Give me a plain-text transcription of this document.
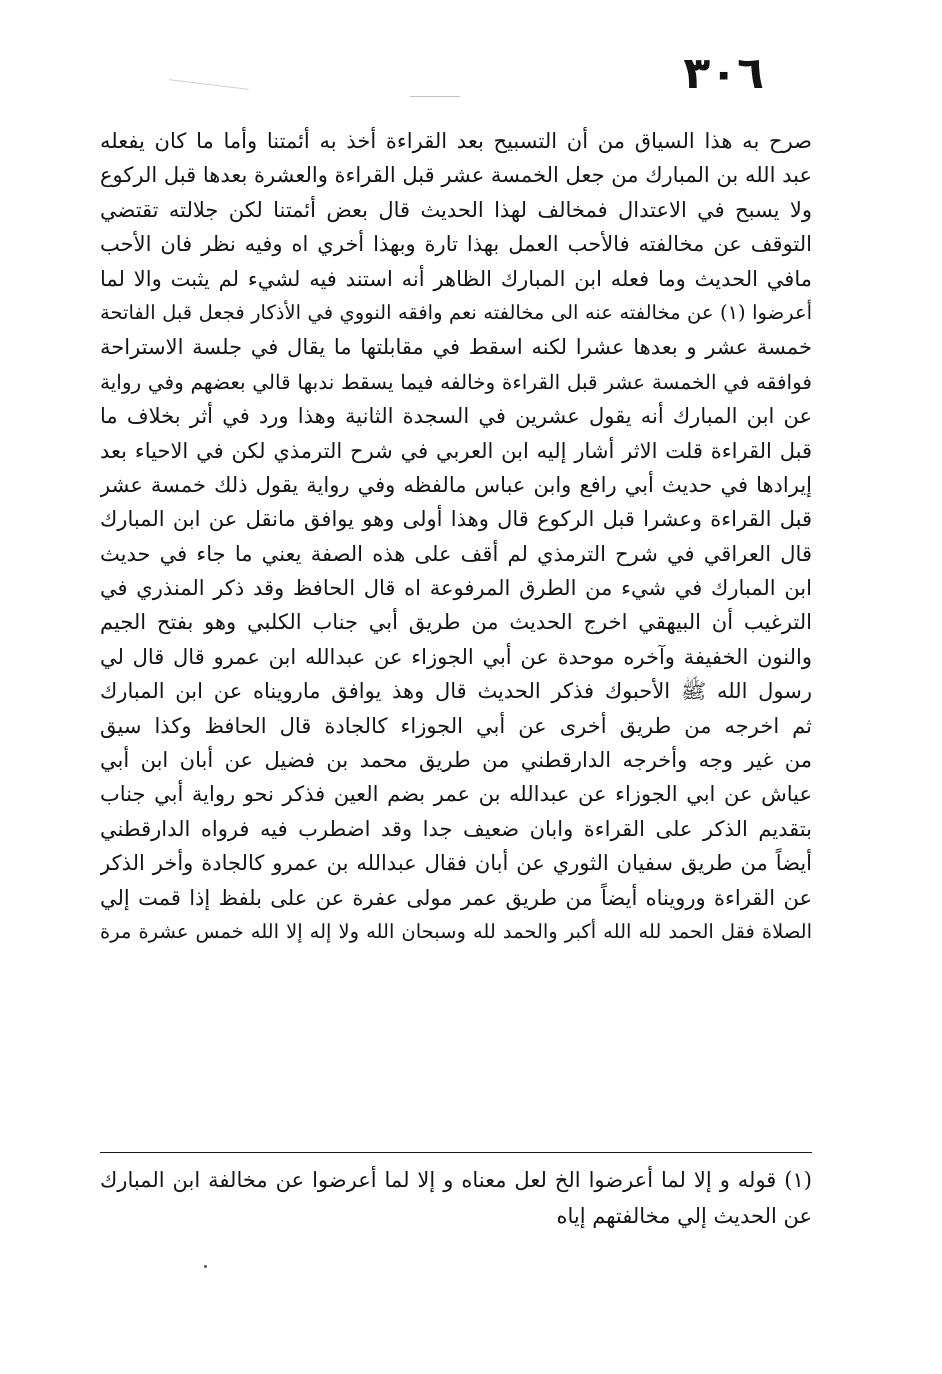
٣٠٦
صرح به هذا السياق من أن التسبيح بعد القراءة أخذ به أئمتنا وأما ما كان يفعله
عبد الله بن المبارك من جعل الخمسة عشر قبل القراءة والعشرة بعدها قبل الركوع
ولا يسبح في الاعتدال فمخالف لهذا الحديث قال بعض أئمتنا لكن جلالته تقتضي
التوقف عن مخالفته فالأحب العمل بهذا تارة وبهذا أخري اه وفيه نظر فان الأحب
مافي الحديث وما فعله ابن المبارك الظاهر أنه استند فيه لشيء لم يثبت والا لما
أعرضوا (١) عن مخالفته عنه الى مخالفته نعم وافقه النووي في الأذكار فجعل قبل الفاتحة
خمسة عشر و بعدها عشرا لكنه اسقط في مقابلتها ما يقال في جلسة الاستراحة
فوافقه في الخمسة عشر قبل القراءة وخالفه فيما يسقط ندبها قالي بعضهم وفي رواية
عن ابن المبارك أنه يقول عشرين في السجدة الثانية وهذا ورد في أثر بخلاف ما
قبل القراءة قلت الاثر أشار إليه ابن العربي في شرح الترمذي لكن في الاحياء بعد
إيرادها في حديث أبي رافع وابن عباس مالفظه وفي رواية يقول ذلك خمسة عشر
قبل القراءة وعشرا قبل الركوع قال وهذا أولى وهو يوافق مانقل عن ابن المبارك
قال العراقي في شرح الترمذي لم أقف على هذه الصفة يعني ما جاء في حديث
ابن المبارك في شيء من الطرق المرفوعة اه قال الحافظ وقد ذكر المنذري في
الترغيب أن البيهقي اخرج الحديث من طريق أبي جناب الكلبي وهو بفتح الجيم
والنون الخفيفة وآخره موحدة عن أبي الجوزاء عن عبدالله ابن عمرو قال قال لي
رسول الله ﷺ الأحبوك فذكر الحديث قال وهذ يوافق مارويناه عن ابن المبارك
ثم اخرجه من طريق أخرى عن أبي الجوزاء كالجادة قال الحافظ وكذا سيق
من غير وجه وأخرجه الدارقطني من طريق محمد بن فضيل عن أبان ابن أبي
عياش عن ابي الجوزاء عن عبدالله بن عمر بضم العين فذكر نحو رواية أبي جناب
بتقديم الذكر على القراءة وابان ضعيف جدا وقد اضطرب فيه فرواه الدارقطني
أيضاً من طريق سفيان الثوري عن أبان فقال عبدالله بن عمرو كالجادة وأخر الذكر
عن القراءة ورويناه أيضاً من طريق عمر مولى عفرة عن على بلفظ إذا قمت إلي
الصلاة فقل الحمد لله الله أكبر والحمد لله وسبحان الله ولا إله إلا الله خمس عشرة مرة
(١) قوله و إلا لما أعرضوا الخ لعل معناه و إلا لما أعرضوا عن مخالفة ابن المبارك
عن الحديث إلي مخالفتهم إياه
